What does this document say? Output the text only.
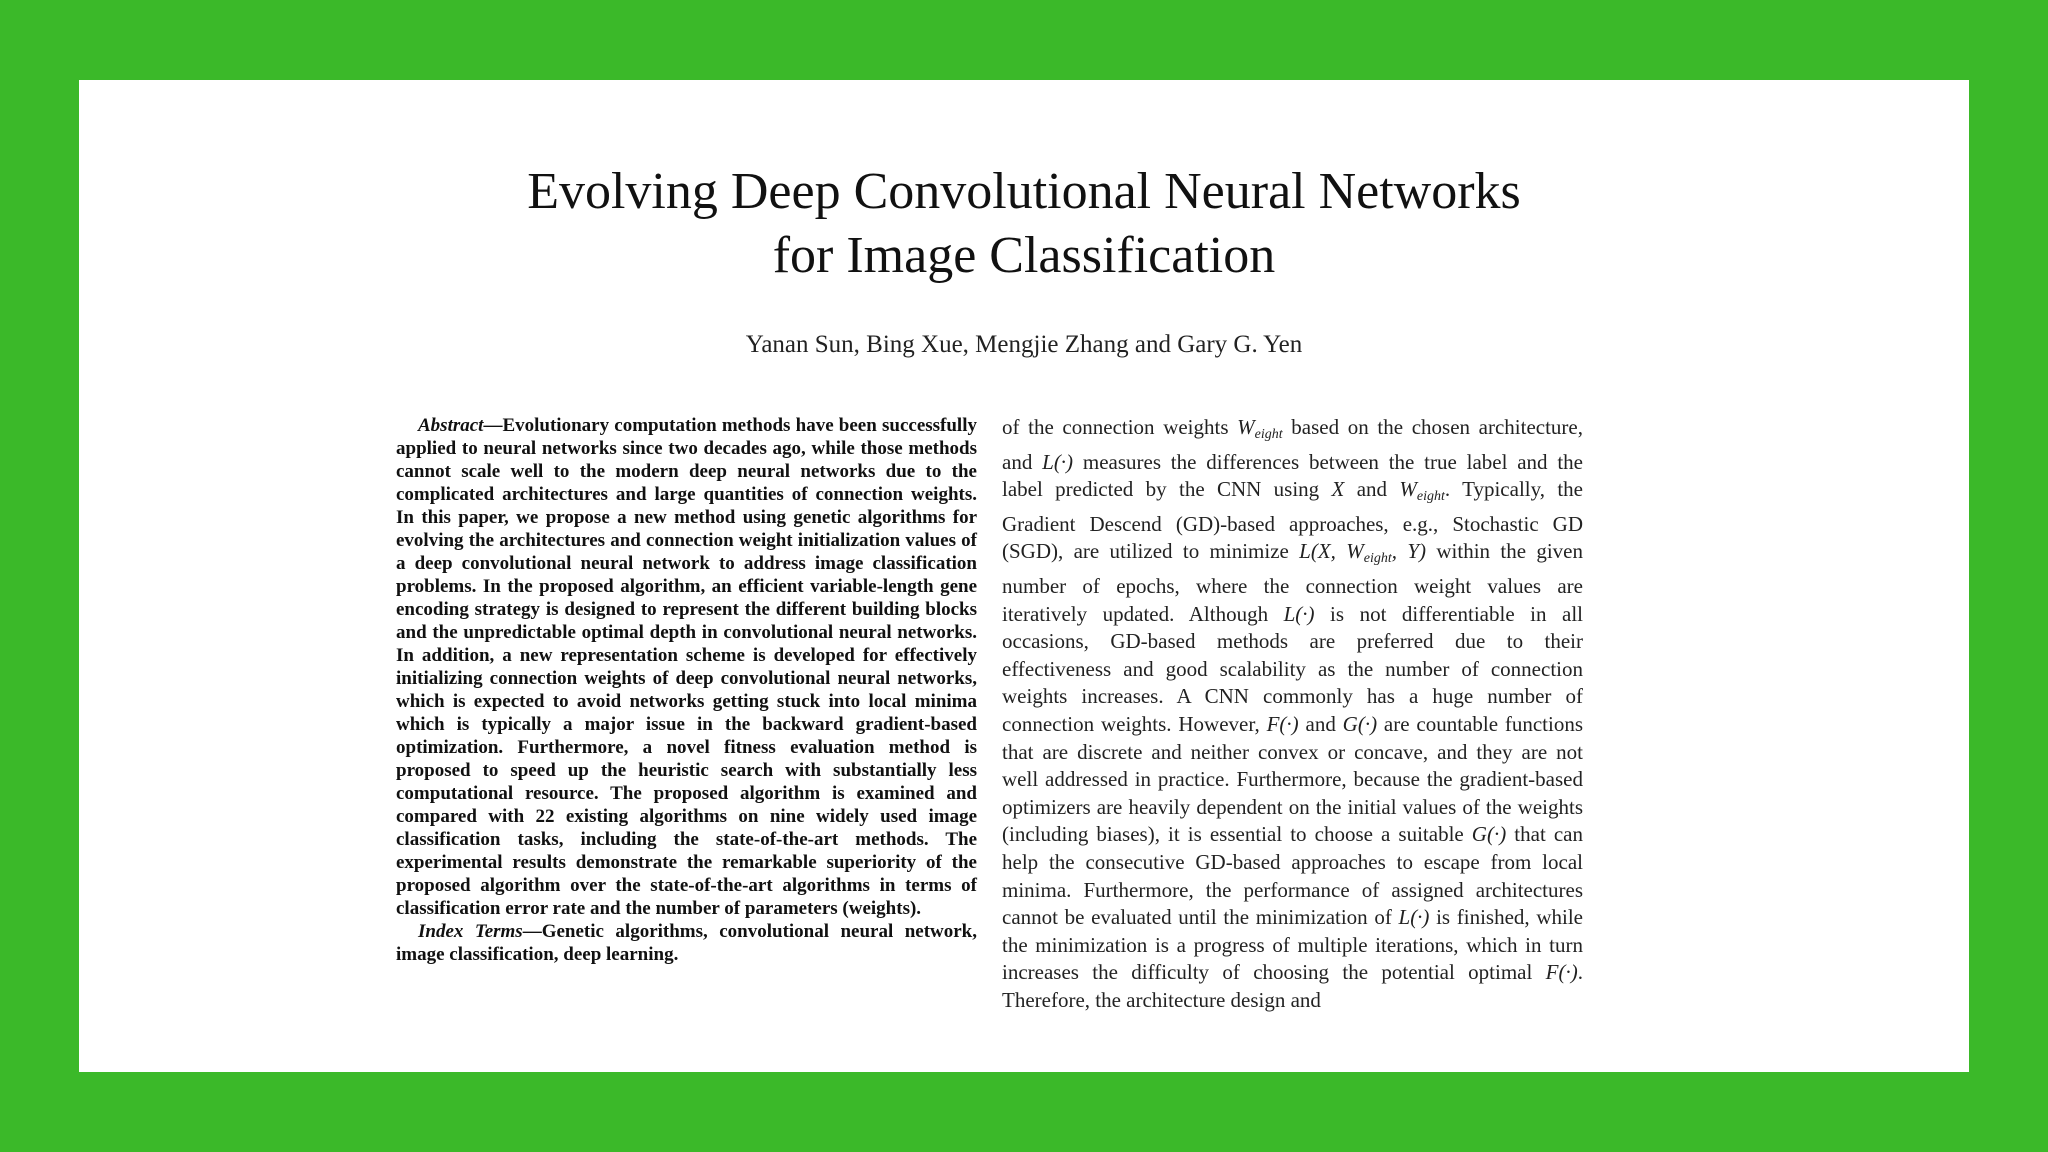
Evolving Deep Convolutional Neural Networks
for Image Classification
Yanan Sun, Bing Xue, Mengjie Zhang and Gary G. Yen

Abstract—Evolutionary computation methods have been successfully applied to neural networks since two decades ago, while those methods cannot scale well to the modern deep neural networks due to the complicated architectures and large quantities of connection weights. In this paper, we propose a new method using genetic algorithms for evolving the architectures and connection weight initialization values of a deep convolutional neural network to address image classification problems. In the proposed algorithm, an efficient variable-length gene encoding strategy is designed to represent the different building blocks and the unpredictable optimal depth in convolutional neural networks. In addition, a new representation scheme is developed for effectively initializing connection weights of deep convolutional neural networks, which is expected to avoid networks getting stuck into local minima which is typically a major issue in the backward gradient-based optimization. Furthermore, a novel fitness evaluation method is proposed to speed up the heuristic search with substantially less computational resource. The proposed algorithm is examined and compared with 22 existing algorithms on nine widely used image classification tasks, including the state-of-the-art methods. The experimental results demonstrate the remarkable superiority of the proposed algorithm over the state-of-the-art algorithms in terms of classification error rate and the number of parameters (weights).

Index Terms—Genetic algorithms, convolutional neural network, image classification, deep learning.

of the connection weights $W_{eight}$ based on the chosen architecture, and L(·) measures the differences between the true label and the label predicted by the CNN using X and $W_{eight}$. Typically, the Gradient Descend (GD)-based approaches, e.g., Stochastic GD (SGD), are utilized to minimize L(X, $W_{eight}$, Y) within the given number of epochs, where the connection weight values are iteratively updated. Although L(·) is not differentiable in all occasions, GD-based methods are preferred due to their effectiveness and good scalability as the number of connection weights increases. A CNN commonly has a huge number of connection weights. However, F(·) and G(·) are countable functions that are discrete and neither convex or concave, and they are not well addressed in practice. Furthermore, because the gradient-based optimizers are heavily dependent on the initial values of the weights (including biases), it is essential to choose a suitable G(·) that can help the consecutive GD-based approaches to escape from local minima. Furthermore, the performance of assigned architectures cannot be evaluated until the minimization of L(·) is finished, while the minimization is a progress of multiple iterations, which in turn increases the difficulty of choosing the potential optimal F(·). Therefore, the architecture design and
